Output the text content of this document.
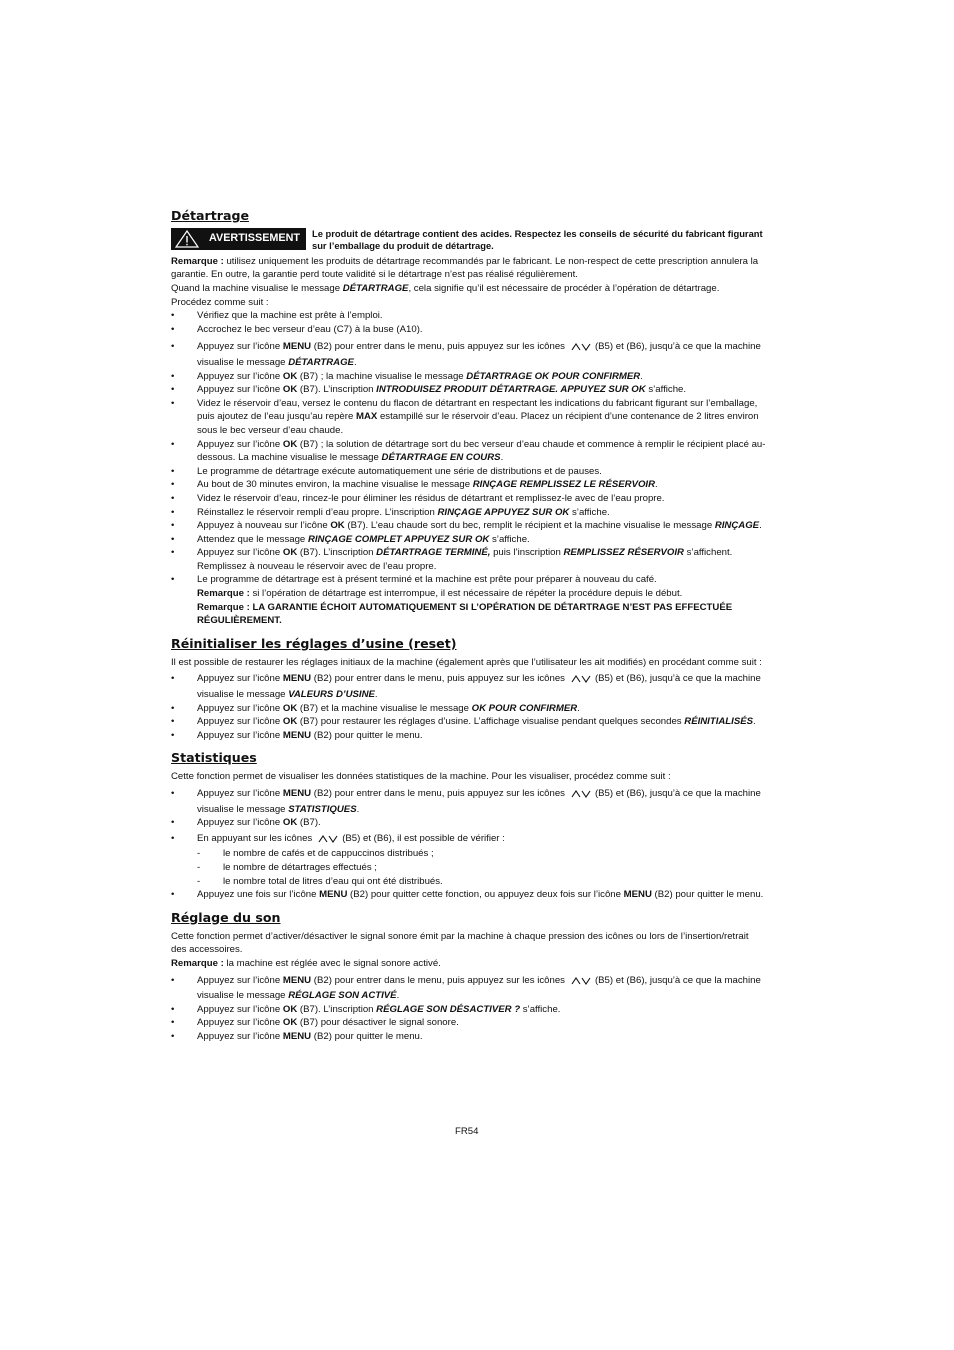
Détartrage
AVERTISSEMENT	Le produit de détartrage contient des acides. Respectez les conseils de sécurité du fabricant figurant sur l’emballage du produit de détartrage.

Remarque : utilisez uniquement les produits de détartrage recommandés par le fabricant. Le non-respect de cette prescription annulera la garantie. En outre, la garantie perd toute validité si le détartrage n’est pas réalisé régulièrement.

Quand la machine visualise le message DÉTARTRAGE, cela signifie qu’il est nécessaire de procéder à l’opération de détartrage.

Procédez comme suit :

• Vérifiez que la machine est prête à l’emploi.
• Accrochez le bec verseur d’eau (C7) à la buse (A10).
• Appuyez sur l’icône MENU (B2) pour entrer dans le menu, puis appuyez sur les icônes	(B5) et (B6), jusqu’à ce que la machine visualise le message DÉTARTRAGE.
• Appuyez sur l’icône OK (B7) ; la machine visualise le message DÉTARTRAGE OK POUR CONFIRMER.
• Appuyez sur l’icône OK (B7). L’inscription INTRODUISEZ PRODUIT DÉTARTRAGE. APPUYEZ SUR OK s’affiche.
• Videz le réservoir d’eau, versez le contenu du flacon de détartrant en respectant les indications du fabricant figurant sur l’emballage, puis ajoutez de l’eau jusqu’au repère MAX estampillé sur le réservoir d’eau. Placez un récipient d’une contenance de 2 litres environ sous le bec verseur d’eau chaude.
• Appuyez sur l’icône OK (B7) ; la solution de détartrage sort du bec verseur d’eau chaude et commence à remplir le récipient placé au-dessous. La machine visualise le message DÉTARTRAGE EN COURS.
• Le programme de détartrage exécute automatiquement une série de distributions et de pauses.
• Au bout de 30 minutes environ, la machine visualise le message RINÇAGE REMPLISSEZ LE RÉSERVOIR.
• Videz le réservoir d’eau, rincez-le pour éliminer les résidus de détartrant et remplissez-le avec de l’eau propre.
• Réinstallez le réservoir rempli d’eau propre. L’inscription RINÇAGE APPUYEZ SUR OK s’affiche.
• Appuyez à nouveau sur l’icône OK (B7). L’eau chaude sort du bec, remplit le récipient et la machine visualise le message RINÇAGE.
• Attendez que le message RINÇAGE COMPLET APPUYEZ SUR OK s’affiche.
• Appuyez sur l’icône OK (B7). L’inscription DÉTARTRAGE TERMINÉ, puis l’inscription REMPLISSEZ RÉSERVOIR s’affichent. Remplissez à nouveau le réservoir avec de l’eau propre.
• Le programme de détartrage est à présent terminé et la machine est prête pour préparer à nouveau du café.
Remarque : si l’opération de détartrage est interrompue, il est nécessaire de répéter la procédure depuis le début.
Remarque : LA GARANTIE ÉCHOIT AUTOMATIQUEMENT SI L’OPÉRATION DE DÉTARTRAGE N’EST PAS EFFECTUÉE RÉGULIÈREMENT.
Réinitialiser les réglages d’usine (reset)

Il est possible de restaurer les réglages initiaux de la machine (également après que l’utilisateur les ait modifiés) en procédant comme suit :

• Appuyez sur l’icône MENU (B2) pour entrer dans le menu, puis appuyez sur les icônes	(B5) et (B6), jusqu’à ce que la machine visualise le message VALEURS D’USINE.
• Appuyez sur l’icône OK (B7) et la machine visualise le message OK POUR CONFIRMER.
• Appuyez sur l’icône OK (B7) pour restaurer les réglages d’usine. L’affichage visualise pendant quelques secondes RÉINITIALISÉS.
• Appuyez sur l’icône MENU (B2) pour quitter le menu.
Statistiques

Cette fonction permet de visualiser les données statistiques de la machine. Pour les visualiser, procédez comme suit :

• Appuyez sur l’icône MENU (B2) pour entrer dans le menu, puis appuyez sur les icônes	(B5) et (B6), jusqu’à ce que la machine visualise le message STATISTIQUES.
• Appuyez sur l’icône OK (B7).
• En appuyant sur les icônes	(B5) et (B6), il est possible de vérifier :
- le nombre de cafés et de cappuccinos distribués ;
- le nombre de détartrages effectués ;
- le nombre total de litres d’eau qui ont été distribués.
• Appuyez une fois sur l’icône MENU (B2) pour quitter cette fonction, ou appuyez deux fois sur l’icône MENU (B2) pour quitter le menu.
Réglage du son

Cette fonction permet d’activer/désactiver le signal sonore émit par la machine à chaque pression des icônes ou lors de l’insertion/retrait des accessoires.

Remarque : la machine est réglée avec le signal sonore activé.

• Appuyez sur l’icône MENU (B2) pour entrer dans le menu, puis appuyez sur les icônes	(B5) et (B6), jusqu’à ce que la machine visualise le message RÉGLAGE SON ACTIVÉ.
• Appuyez sur l’icône OK (B7). L’inscription RÉGLAGE SON DÉSACTIVER ? s’affiche.
• Appuyez sur l’icône OK (B7) pour désactiver le signal sonore.
• Appuyez sur l’icône MENU (B2) pour quitter le menu.
FR54
